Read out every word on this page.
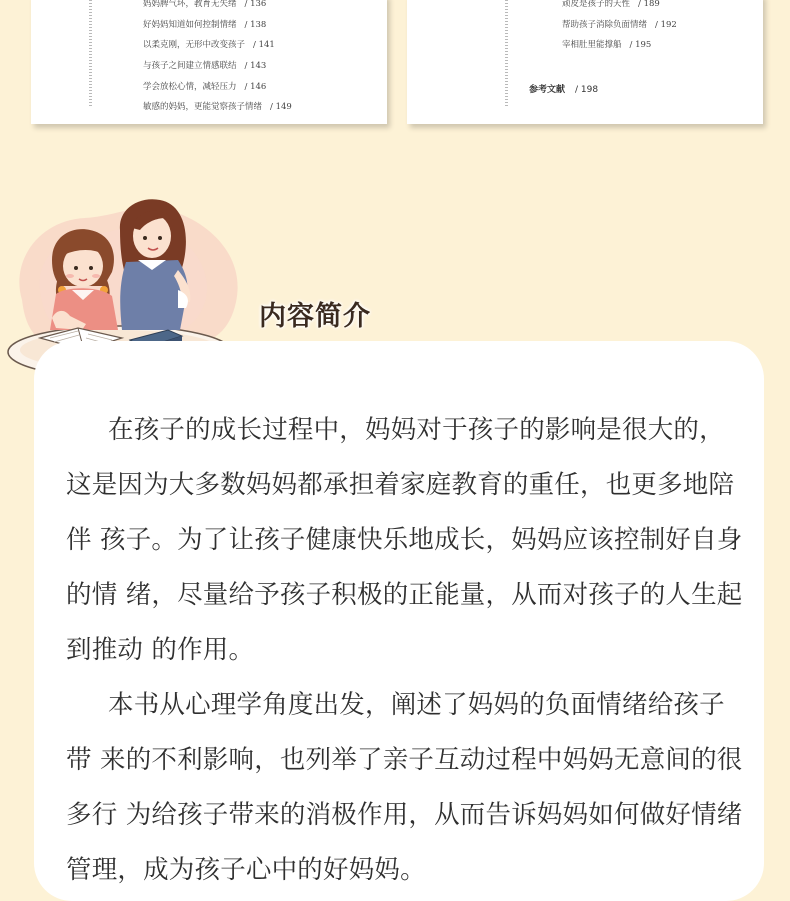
妈妈脾气坏，教育无矢绪 / 136
好妈妈知道如何控制情绪 / 138
以柔克刚，无形中改变孩子 / 141
与孩子之间建立情感联结 / 143
学会放松心情，减轻压力 / 146
敏感的妈妈，更能觉察孩子情绪 / 149
顽皮是孩子的天性 / 189
帮助孩子消除负面情绪 / 192
宰相肚里能撑船 / 195
参考文献 / 198
内容简介

在孩子的成长过程中，妈妈对于孩子的影响是很大的，　这是因为大多数妈妈都承担着家庭教育的重任，也更多地陪伴 孩子。为了让孩子健康快乐地成长，妈妈应该控制好自身的情 绪，尽量给予孩子积极的正能量，从而对孩子的人生起到推动 的作用。

本书从心理学角度出发，阐述了妈妈的负面情绪给孩子带 来的不利影响，也列举了亲子互动过程中妈妈无意间的很多行 为给孩子带来的消极作用，从而告诉妈妈如何做好情绪管理，成为孩子心中的好妈妈。
